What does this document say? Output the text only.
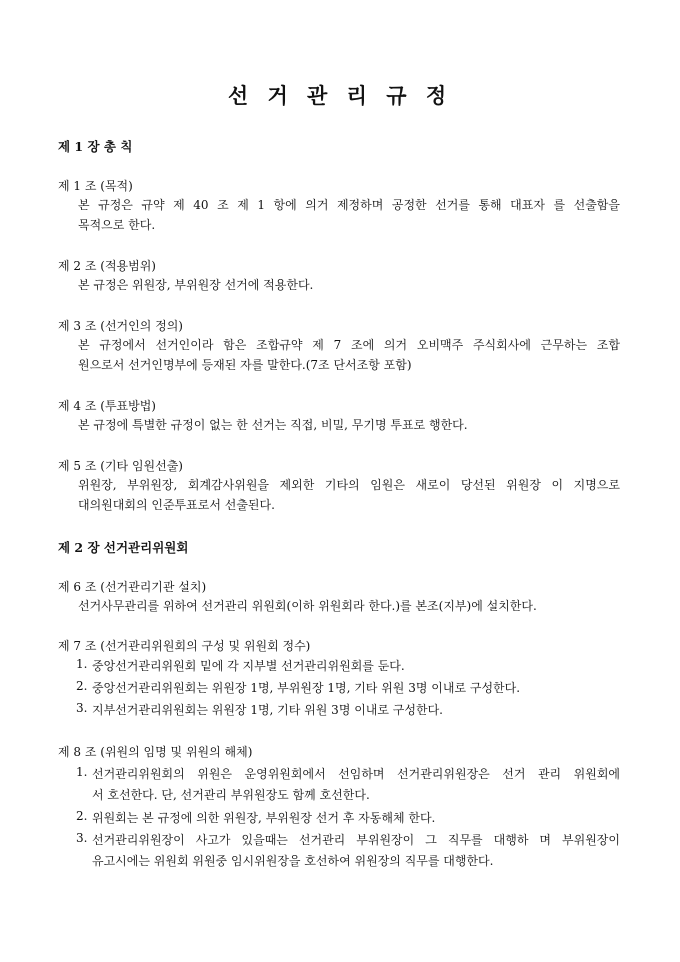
선 거 관 리 규 정
제 1 장 총 칙
제 1 조 (목적)
본 규정은 규약 제 40 조 제 1 항에 의거 제정하며 공정한 선거를 통해 대표자 를 선출함을
목적으로 한다.
제 2 조 (적용범위)
본 규정은 위원장, 부위원장 선거에 적용한다.
제 3 조 (선거인의 정의)
본 규정에서 선거인이라 함은 조합규약 제 7 조에 의거 오비맥주 주식회사에 근무하는 조합
원으로서 선거인명부에 등재된 자를 말한다.(7조 단서조항 포함)
제 4 조 (투표방법)
본 규정에 특별한 규정이 없는 한 선거는 직접, 비밀, 무기명 투표로 행한다.
제 5 조 (기타 임원선출)
위원장, 부위원장, 회계감사위원을 제외한 기타의 임원은 새로이 당선된 위원장 이 지명으로
대의원대회의 인준투표로서 선출된다.
제 2 장 선거관리위원회
제 6 조 (선거관리기관 설치)
선거사무관리를 위하여 선거관리 위원회(이하 위원회라 한다.)를 본조(지부)에 설치한다.
제 7 조 (선거관리위원회의 구성 및 위원회 정수)
1. 중앙선거관리위원회 밑에 각 지부별 선거관리위원회를 둔다.
2. 중앙선거관리위원회는 위원장 1명, 부위원장 1명, 기타 위원 3명 이내로 구성한다.
3. 지부선거관리위원회는 위원장 1명, 기타 위원 3명 이내로 구성한다.
제 8 조 (위원의 임명 및 위원의 해체)
1. 선거관리위원회의 위원은 운영위원회에서 선임하며 선거관리위원장은 선거 관리 위원회에
서 호선한다. 단, 선거관리 부위원장도 함께 호선한다.
2. 위원회는 본 규정에 의한 위원장, 부위원장 선거 후 자동해체 한다.
3. 선거관리위원장이 사고가 있을때는 선거관리 부위원장이 그 직무를 대행하 며 부위원장이
유고시에는 위원회 위원중 임시위원장을 호선하여 위원장의 직무를 대행한다.
